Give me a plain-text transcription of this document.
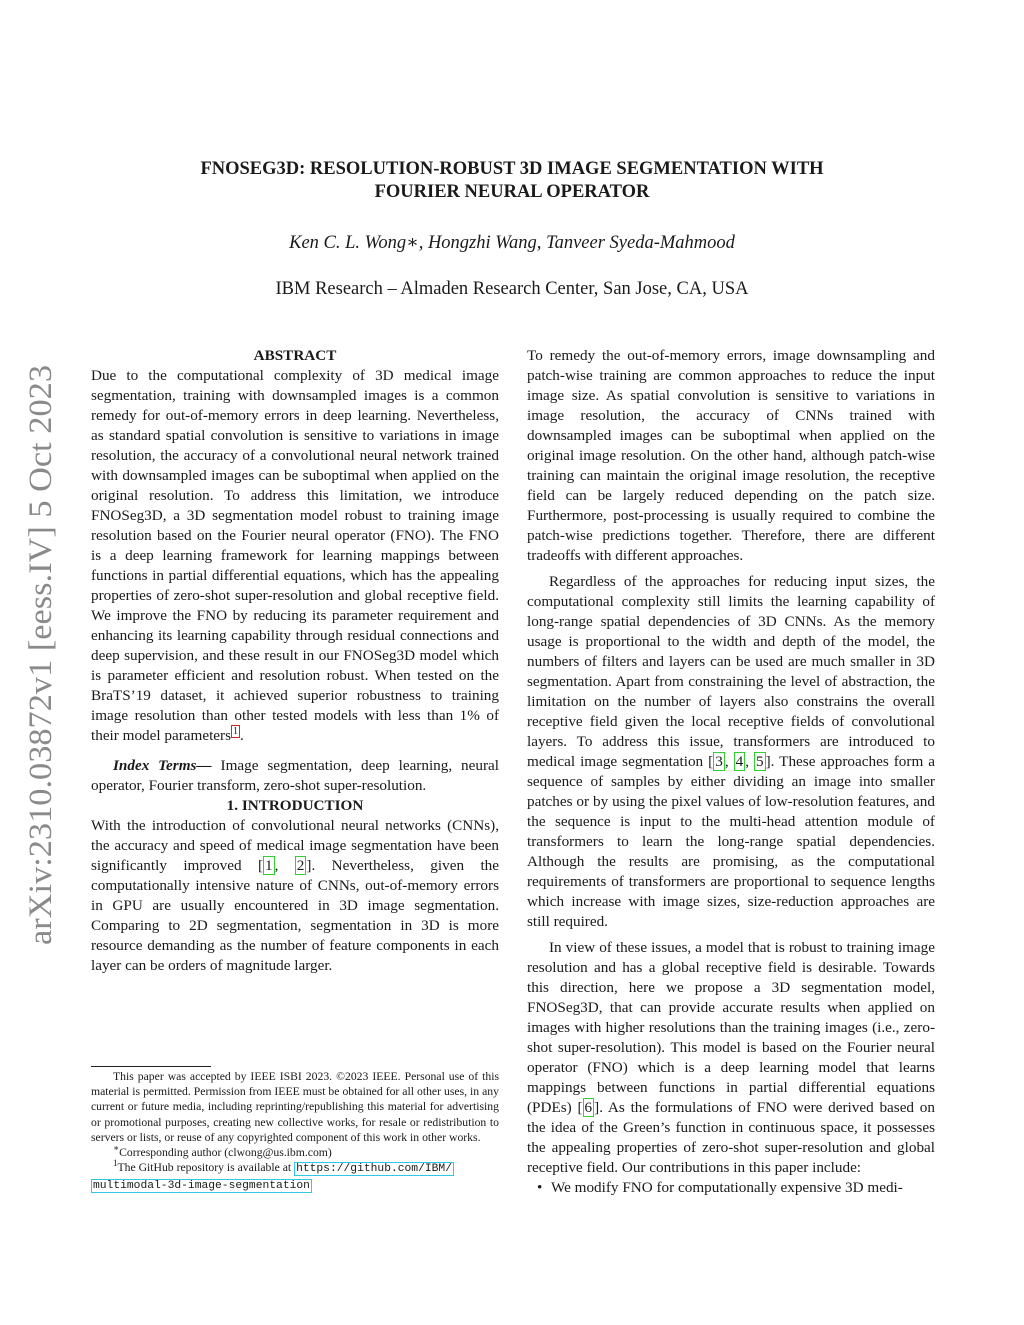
arXiv:2310.03872v1 [eess.IV] 5 Oct 2023
FNOSEG3D: RESOLUTION-ROBUST 3D IMAGE SEGMENTATION WITH
FOURIER NEURAL OPERATOR
Ken C. L. Wong∗, Hongzhi Wang, Tanveer Syeda-Mahmood
IBM Research – Almaden Research Center, San Jose, CA, USA

ABSTRACT

Due to the computational complexity of 3D medical image segmentation, training with downsampled images is a common remedy for out-of-memory errors in deep learning. Nevertheless, as standard spatial convolution is sensitive to variations in image resolution, the accuracy of a convolutional neural network trained with downsampled images can be suboptimal when applied on the original resolution. To address this limitation, we introduce FNOSeg3D, a 3D segmentation model robust to training image resolution based on the Fourier neural operator (FNO). The FNO is a deep learning framework for learning mappings between functions in partial differential equations, which has the appealing properties of zero-shot super-resolution and global receptive field. We improve the FNO by reducing its parameter requirement and enhancing its learning capability through residual connections and deep supervision, and these result in our FNOSeg3D model which is parameter efficient and resolution robust. When tested on the BraTS’19 dataset, it achieved superior robustness to training image resolution than other tested models with less than 1% of their model parameters $^1$ .

Index Terms— Image segmentation, deep learning, neural operator, Fourier transform, zero-shot super-resolution.

1. INTRODUCTION

With the introduction of convolutional neural networks (CNNs), the accuracy and speed of medical image segmentation have been significantly improved [ 1 , 2 ]. Nevertheless, given the computationally intensive nature of CNNs, out-of-memory errors in GPU are usually encountered in 3D image segmentation. Comparing to 2D segmentation, segmentation in 3D is more resource demanding as the number of feature components in each layer can be orders of magnitude larger.

This paper was accepted by IEEE ISBI 2023. ©2023 IEEE. Personal use of this material is permitted. Permission from IEEE must be obtained for all other uses, in any current or future media, including reprinting/republishing this material for advertising or promotional purposes, creating new collective works, for resale or redistribution to servers or lists, or reuse of any copyrighted component of this work in other works.

∗Corresponding author (clwong@us.ibm.com)

$^1$The GitHub repository is available at https://github.com/IBM/
multimodal-3d-image-segmentation

To remedy the out-of-memory errors, image downsampling and patch-wise training are common approaches to reduce the input image size. As spatial convolution is sensitive to variations in image resolution, the accuracy of CNNs trained with downsampled images can be suboptimal when applied on the original image resolution. On the other hand, although patch-wise training can maintain the original image resolution, the receptive field can be largely reduced depending on the patch size. Furthermore, post-processing is usually required to combine the patch-wise predictions together. Therefore, there are different tradeoffs with different approaches.

Regardless of the approaches for reducing input sizes, the computational complexity still limits the learning capability of long-range spatial dependencies of 3D CNNs. As the memory usage is proportional to the width and depth of the model, the numbers of filters and layers can be used are much smaller in 3D segmentation. Apart from constraining the level of abstraction, the limitation on the number of layers also constrains the overall receptive field given the local receptive fields of convolutional layers. To address this issue, transformers are introduced to medical image segmentation [ 3 , 4 , 5 ]. These approaches form a sequence of samples by either dividing an image into smaller patches or by using the pixel values of low-resolution features, and the sequence is input to the multi-head attention module of transformers to learn the long-range spatial dependencies. Although the results are promising, as the computational requirements of transformers are proportional to sequence lengths which increase with image sizes, size-reduction approaches are still required.

In view of these issues, a model that is robust to training image resolution and has a global receptive field is desirable. Towards this direction, here we propose a 3D segmentation model, FNOSeg3D, that can provide accurate results when applied on images with higher resolutions than the training images (i.e., zero-shot super-resolution). This model is based on the Fourier neural operator (FNO) which is a deep learning model that learns mappings between functions in partial differential equations (PDEs) [ 6 ]. As the formulations of FNO were derived based on the idea of the Green’s function in continuous space, it possesses the appealing properties of zero-shot super-resolution and global receptive field. Our contributions in this paper include:

• We modify FNO for computationally expensive 3D medi-
